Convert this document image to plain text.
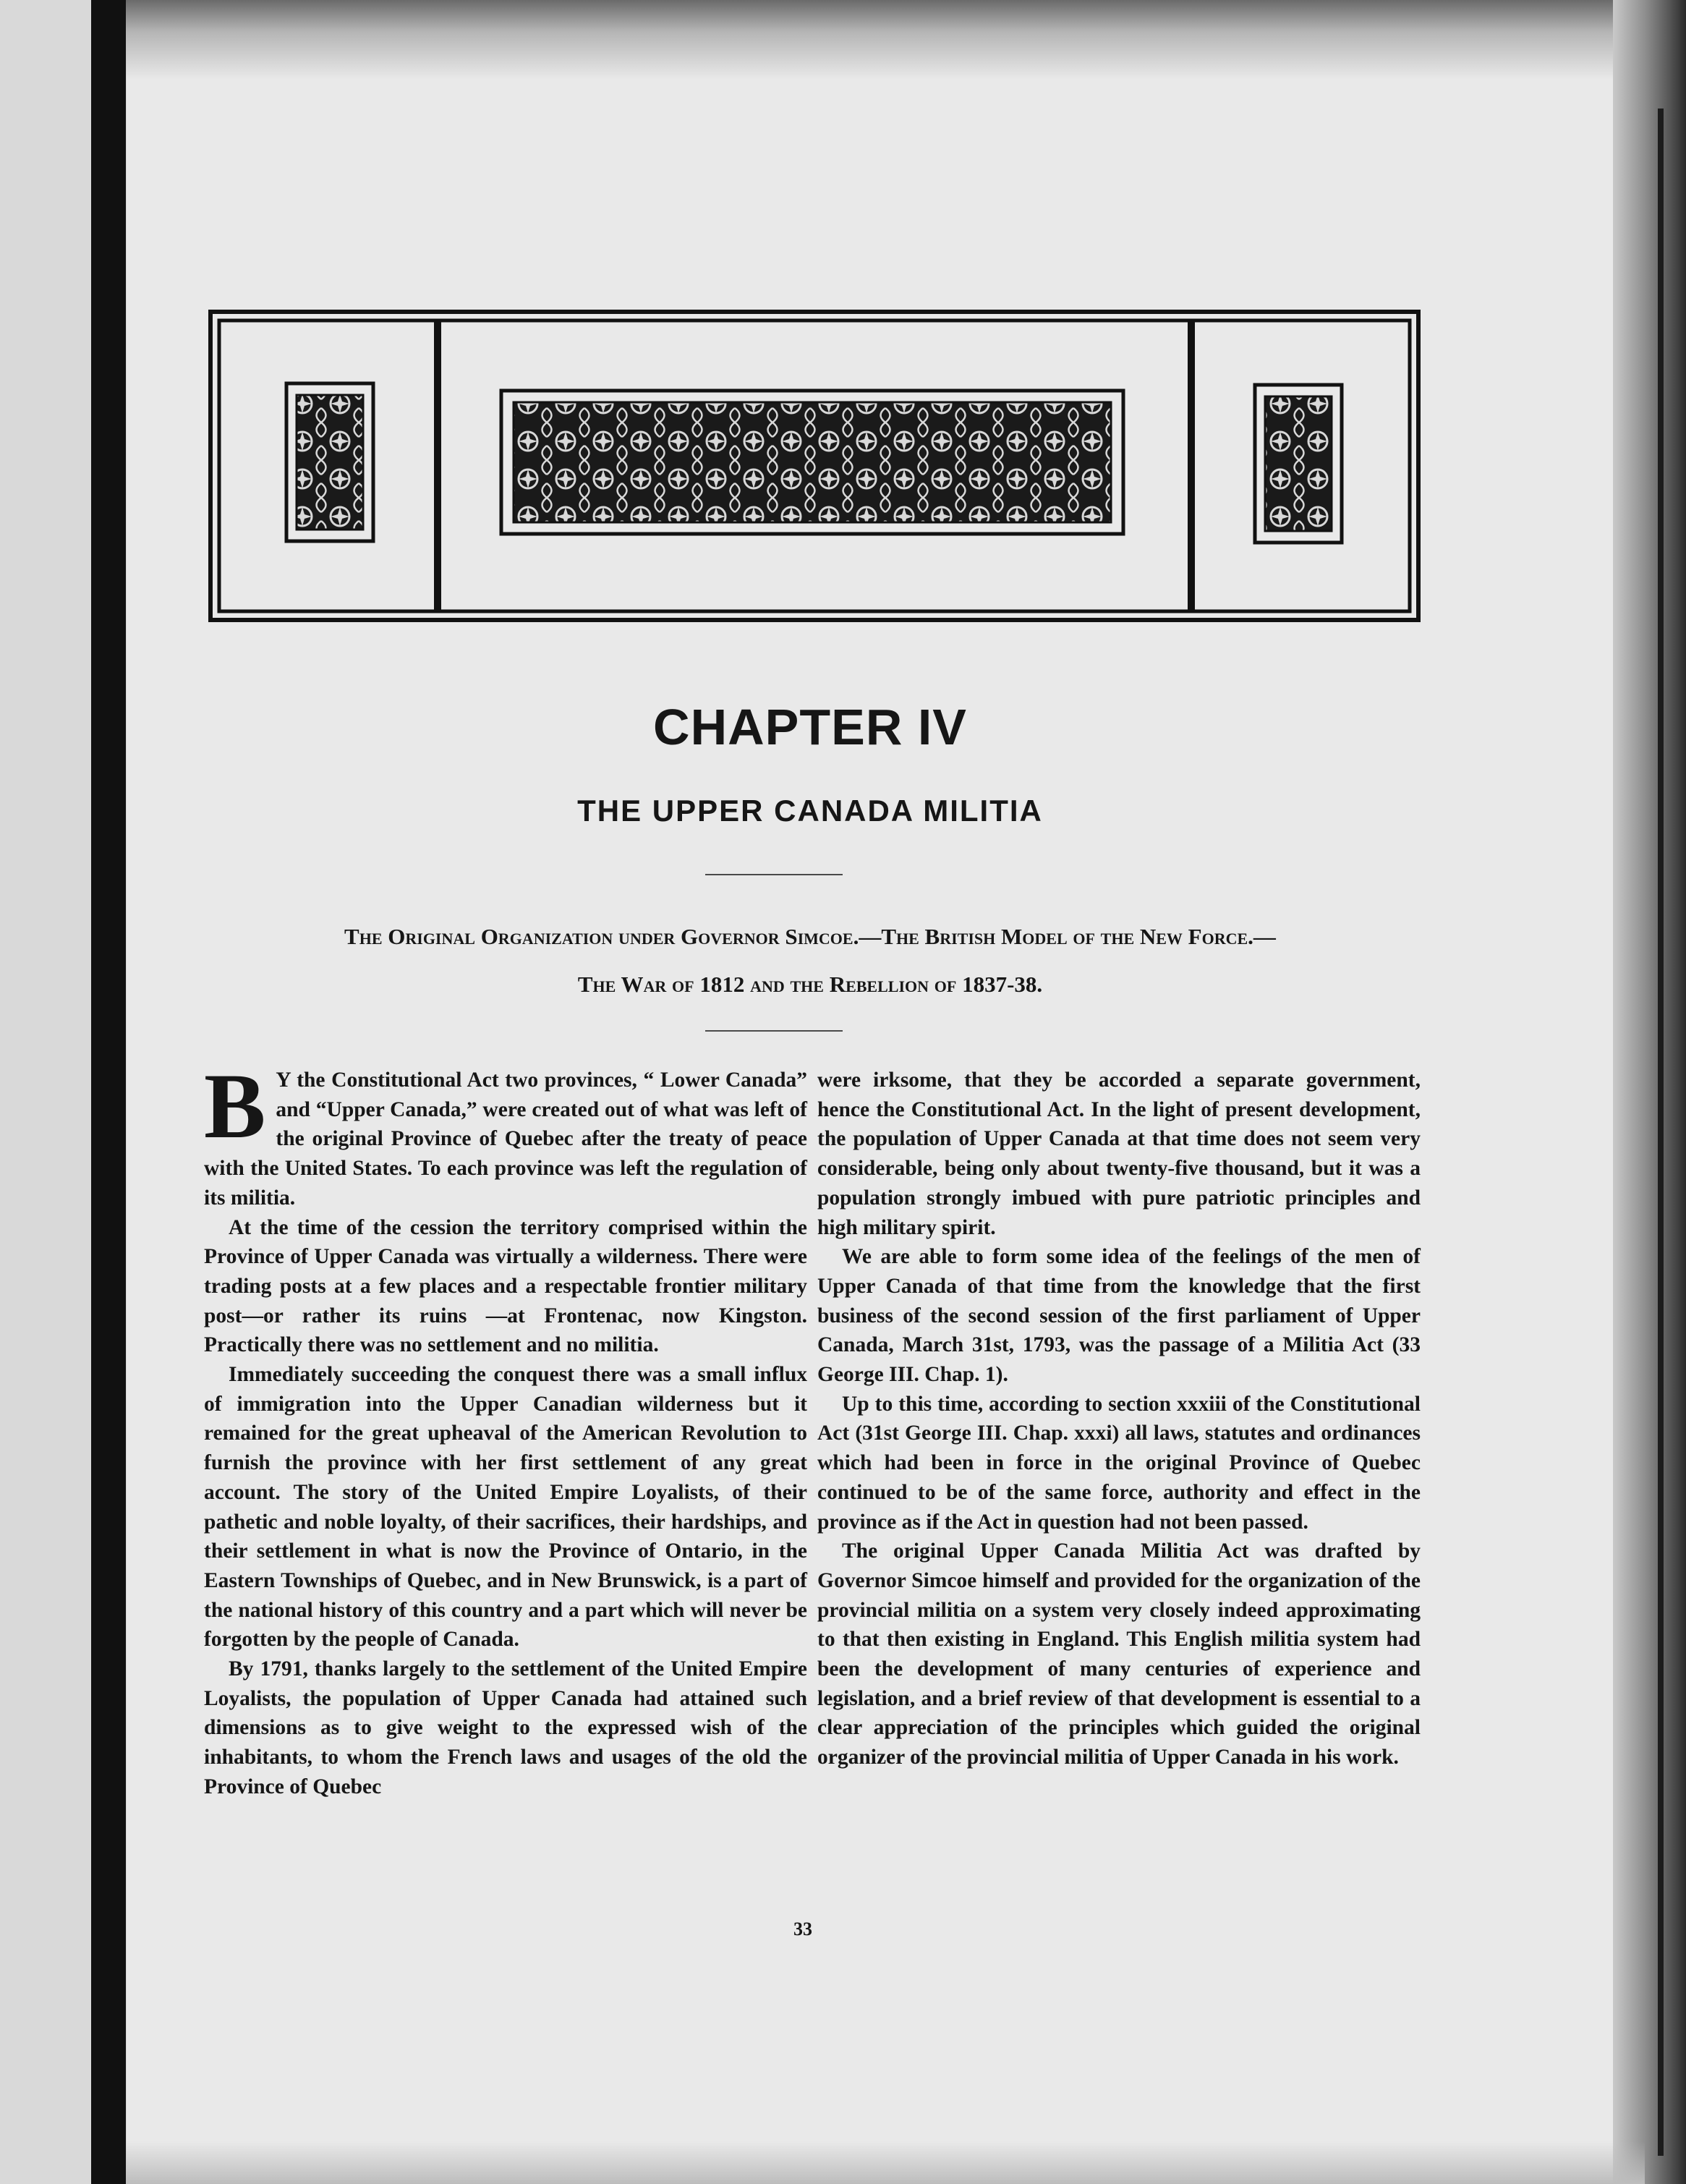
CHAPTER IV
THE UPPER CANADA MILITIA
The Original Organization under Governor Simcoe.—The British Model of the New Force.—
The War of 1812 and the Rebellion of 1837-38.

B Y the Constitutional Act two provinces, “ Lower Canada” and “Upper Canada,” were created out of what was left of the original Province of Quebec after the treaty of peace with the United States. To each province was left the regulation of its militia.

At the time of the cession the territory comprised within the Province of Upper Canada was virtually a wilderness. There were trading posts at a few places and a respectable frontier military post—or rather its ruins —at Frontenac, now Kingston. Practically there was no settlement and no militia.

Immediately succeeding the conquest there was a small influx of immigration into the Upper Canadian wilderness but it remained for the great upheaval of the American Revolution to furnish the province with her first settlement of any great account. The story of the United Empire Loyalists, of their pathetic and noble loyalty, of their sacrifices, their hardships, and their settlement in what is now the Province of Ontario, in the Eastern Townships of Quebec, and in New Brunswick, is a part of the national history of this country and a part which will never be forgotten by the people of Canada.

By 1791, thanks largely to the settlement of the United Empire Loyalists, the population of Upper Canada had attained such dimensions as to give weight to the expressed wish of the inhabitants, to whom the French laws and usages of the old the Province of Quebec

were irksome, that they be accorded a separate government, hence the Constitutional Act. In the light of present development, the population of Upper Canada at that time does not seem very considerable, being only about twenty-five thousand, but it was a population strongly imbued with pure patriotic principles and high military spirit.

We are able to form some idea of the feelings of the men of Upper Canada of that time from the knowledge that the first business of the second session of the first parliament of Upper Canada, March 31st, 1793, was the passage of a Militia Act (33 George III. Chap. 1).

Up to this time, according to section xxxiii of the Constitutional Act (31st George III. Chap. xxxi) all laws, statutes and ordinances which had been in force in the original Province of Quebec continued to be of the same force, authority and effect in the province as if the Act in question had not been passed.

The original Upper Canada Militia Act was drafted by Governor Simcoe himself and provided for the organization of the provincial militia on a system very closely indeed approximating to that then existing in England. This English militia system had been the development of many centuries of experience and legislation, and a brief review of that development is essential to a clear appreciation of the principles which guided the original organizer of the provincial militia of Upper Canada in his work.

33
